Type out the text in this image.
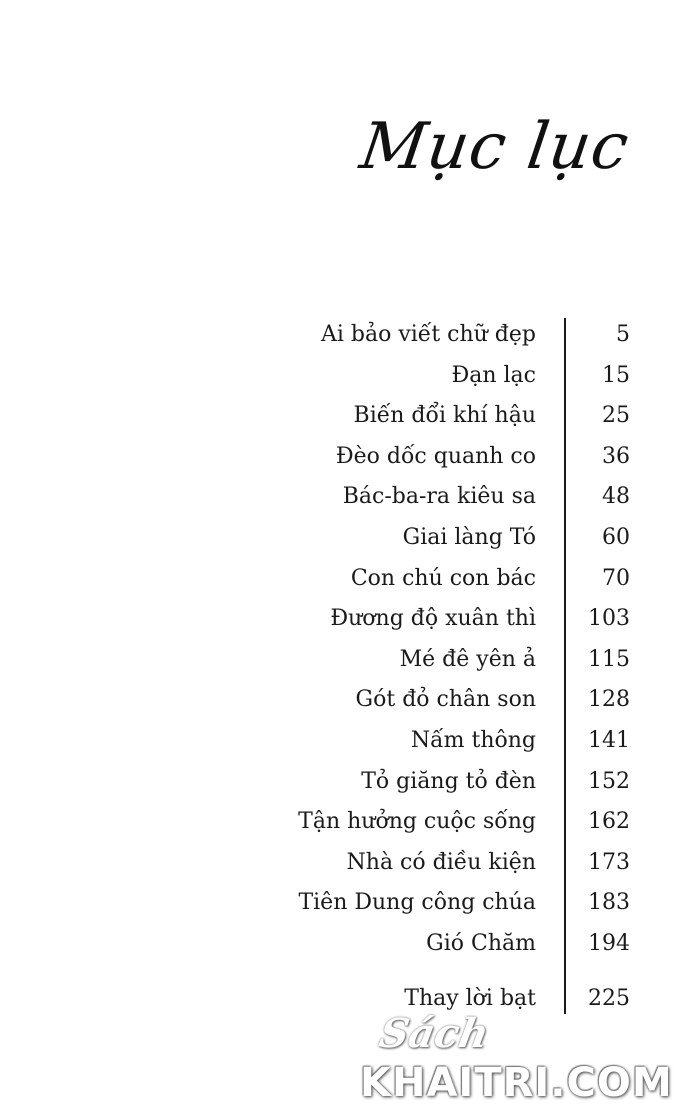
Mục lục
Ai bảo viết chữ đẹp	5
Đạn lạc	15
Biến đổi khí hậu	25
Đèo dốc quanh co	36
Bác-ba-ra kiêu sa	48
Giai làng Tó	60
Con chú con bác	70
Đương độ xuân thì 103
Mé đê yên ả 115
Gót đỏ chân son 128
Nấm thông 141
Tỏ giăng tỏ đèn 152
Tận hưởng cuộc sống 162
Nhà có điều kiện 173
Tiên Dung công chúa 183
Gió Chăm 194
Thay lời bạt 225
Sách
KHAITRI.COM
